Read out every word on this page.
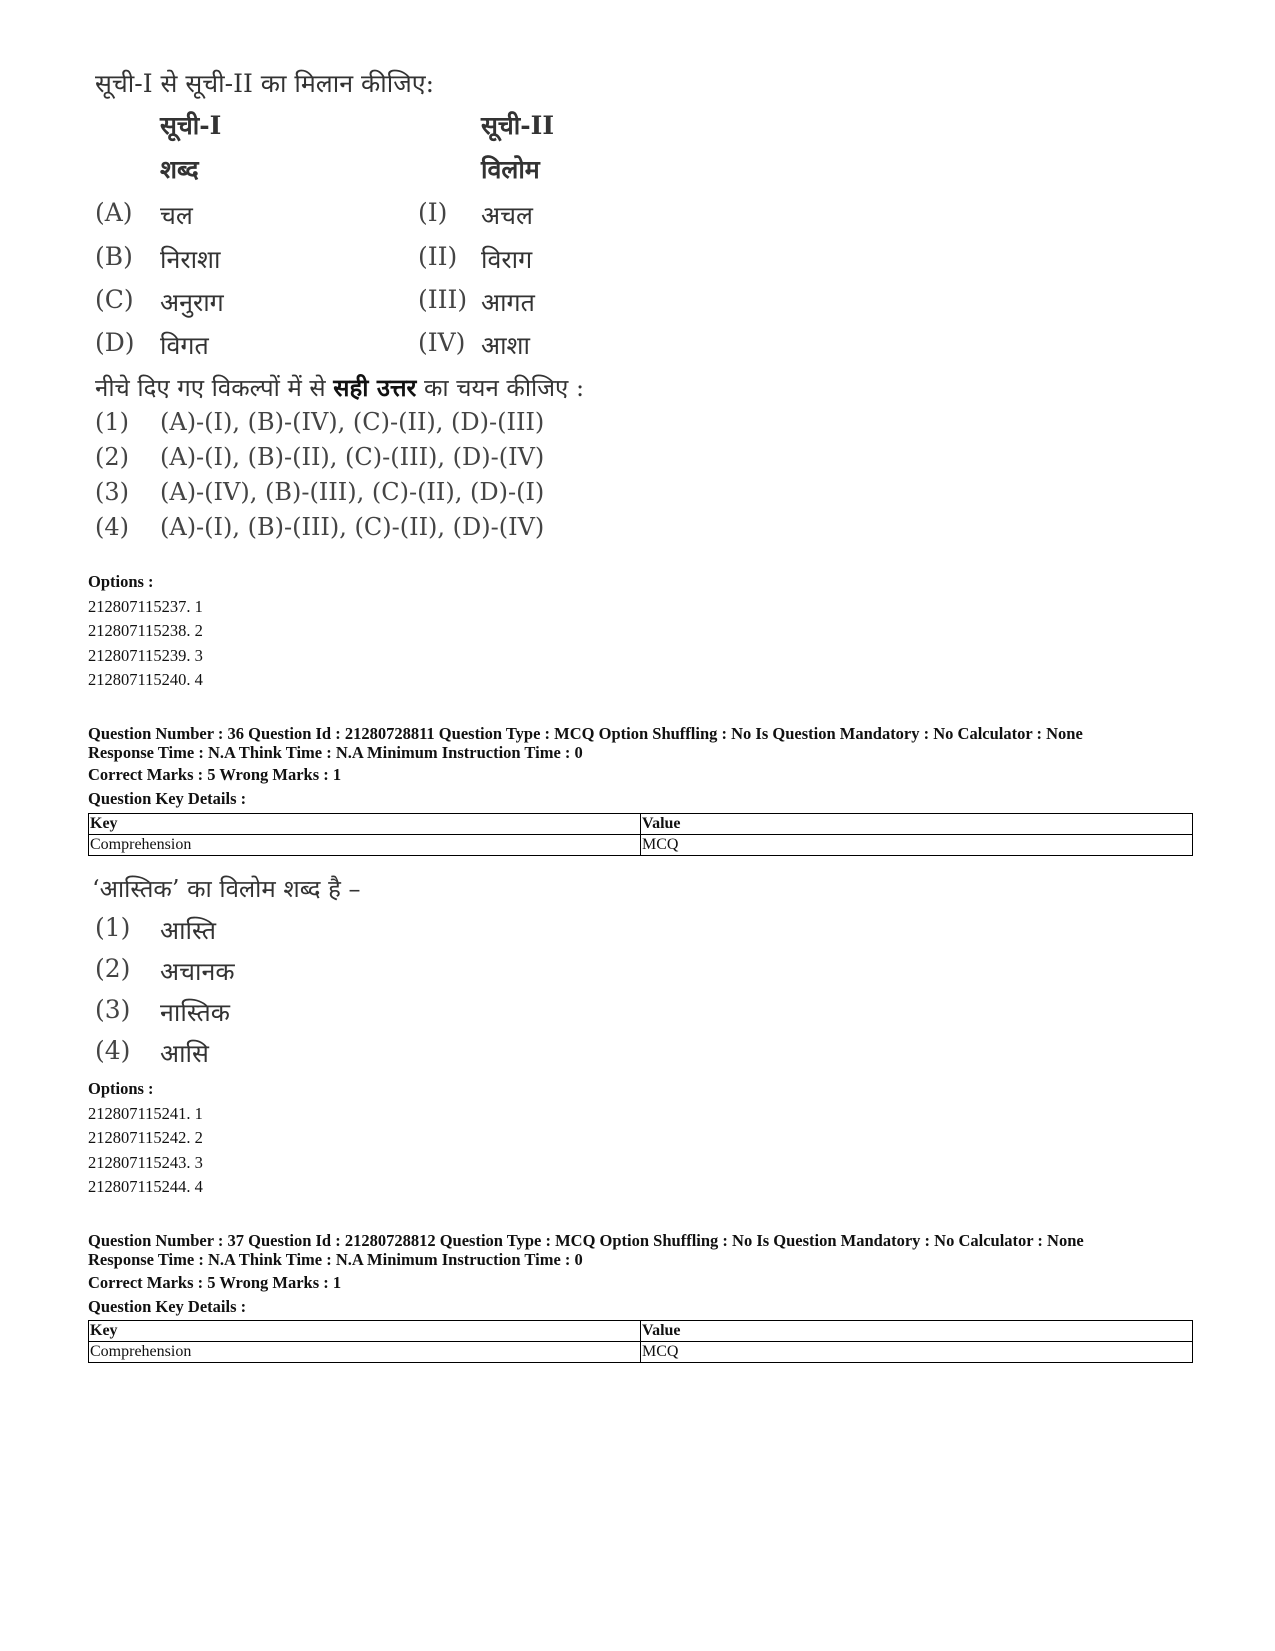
सूची-I से सूची-II का मिलान कीजिए:
सूची-I	सूची-II
शब्द	विलोम
(A) चल	(I) अचल
(B) निराशा	(II) विराग
(C) अनुराग	(III) आगत
(D) विगत	(IV) आशा
नीचे दिए गए विकल्पों में से सही उत्तर का चयन कीजिए :
(1) (A)-(I), (B)-(IV), (C)-(II), (D)-(III)
(2) (A)-(I), (B)-(II), (C)-(III), (D)-(IV)
(3) (A)-(IV), (B)-(III), (C)-(II), (D)-(I)
(4) (A)-(I), (B)-(III), (C)-(II), (D)-(IV)
Options :
212807115237. 1
212807115238. 2
212807115239. 3
212807115240. 4
Question Number : 36 Question Id : 21280728811 Question Type : MCQ Option Shuffling : No Is Question Mandatory : No Calculator : None
Response Time : N.A Think Time : N.A Minimum Instruction Time : 0
Correct Marks : 5 Wrong Marks : 1
Question Key Details :
Key	Value
Comprehension	MCQ
‘आस्तिक’ का विलोम शब्द है –
(1) आस्ति
(2) अचानक
(3) नास्तिक
(4) आसि
Options :
212807115241. 1
212807115242. 2
212807115243. 3
212807115244. 4
Question Number : 37 Question Id : 21280728812 Question Type : MCQ Option Shuffling : No Is Question Mandatory : No Calculator : None
Response Time : N.A Think Time : N.A Minimum Instruction Time : 0
Correct Marks : 5 Wrong Marks : 1
Question Key Details :
Key	Value
Comprehension	MCQ
